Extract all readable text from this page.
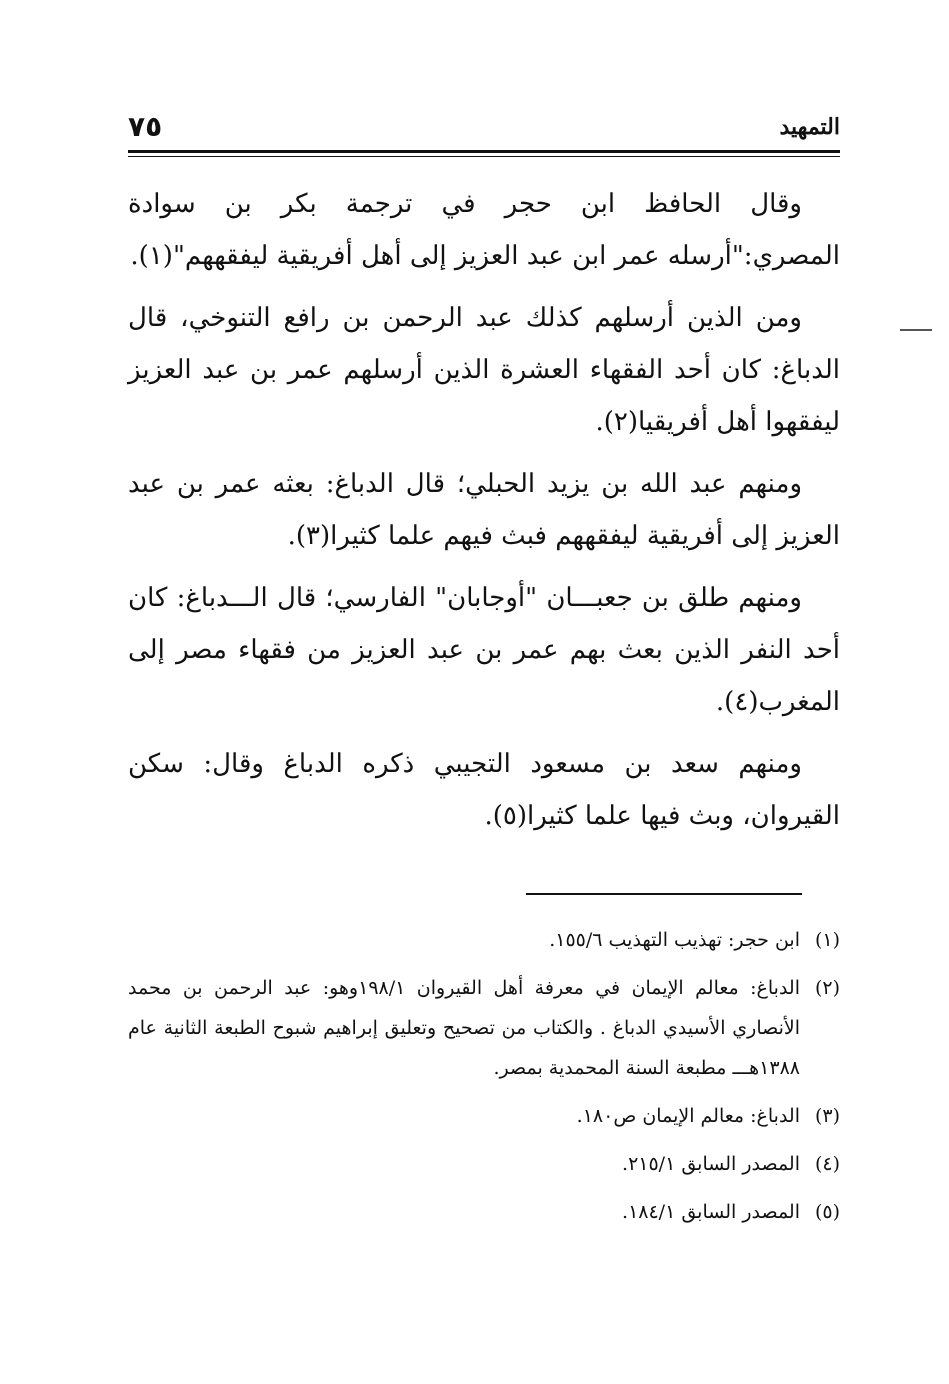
٧٥	التمهيد

وقال الحافظ ابن حجر في ترجمة بكر بن سوادة المصري:"أرسله عمر ابن عبد العزيز إلى أهل أفريقية ليفقههم"(١).

ومن الذين أرسلهم كذلك عبد الرحمن بن رافع التنوخي، قال الدباغ: كان أحد الفقهاء العشرة الذين أرسلهم عمر بن عبد العزيز ليفقهوا أهل أفريقيا(٢).

ومنهم عبد الله بن يزيد الحبلي؛ قال الدباغ: بعثه عمر بن عبد العزيز إلى أفريقية ليفقههم فبث فيهم علما كثيرا(٣).

ومنهم طلق بن جعبـــان "أوجابان" الفارسي؛ قال الـــدباغ: كان أحد النفر الذين بعث بهم عمر بن عبد العزيز من فقهاء مصر إلى المغرب(٤).

ومنهم سعد بن مسعود التجيبي ذكره الدباغ وقال: سكن القيروان، وبث فيها علما كثيرا(٥).

(١)
ابن حجر: تهذيب التهذيب ١٥٥/٦.
(٢)
الدباغ: معالم الإيمان في معرفة أهل القيروان ١٩٨/١وهو: عبد الرحمن بن محمد الأنصاري الأسيدي الدباغ . والكتاب من تصحيح وتعليق إبراهيم شبوح الطبعة الثانية عام ١٣٨٨هـــ مطبعة السنة المحمدية بمصر.
(٣)
الدباغ: معالم الإيمان ص١٨٠.
(٤)
المصدر السابق ٢١٥/١.
(٥)
المصدر السابق ١٨٤/١.
